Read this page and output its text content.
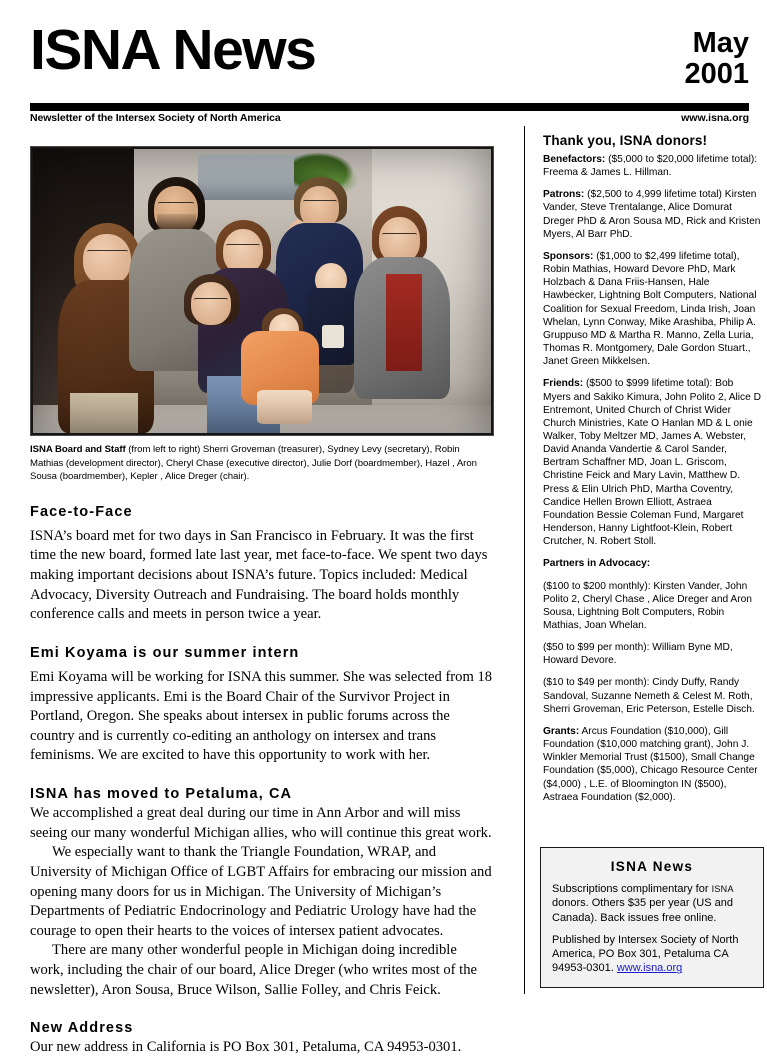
ISNA News	May
2001
Newsletter of the Intersex Society of North America	www.isna.org
ISNA Board and Staff (from left to right) Sherri Groveman (treasurer), Sydney Levy (secretary), Robin Mathias (development director), Cheryl Chase (executive director), Julie Dorf (boardmember), Hazel , Aron Sousa (boardmember), Kepler , Alice Dreger (chair).
Face-to-Face

ISNA’s board met for two days in San Francisco in February. It was the first time the new board, formed late last year, met face-to-face. We spent two days making important decisions about ISNA’s future. Topics included: Medical Advocacy, Diversity Outreach and Fundraising. The board holds monthly conference calls and meets in person twice a year.

Emi Koyama is our summer intern

Emi Koyama will be working for ISNA this summer. She was selected from 18 impressive applicants. Emi is the Board Chair of the Survivor Project in Portland, Oregon. She speaks about intersex in public forums across the country and is currently co-editing an anthology on intersex and trans feminisms. We are excited to have this opportunity to work with her.

ISNA has moved to Petaluma, CA

We accomplished a great deal during our time in Ann Arbor and will miss seeing our many wonderful Michigan allies, who will continue this great work.

We especially want to thank the Triangle Foundation, WRAP, and University of Michigan Office of LGBT Affairs for embracing our mission and opening many doors for us in Michigan. The University of Michigan’s Departments of Pediatric Endocrinology and Pediatric Urology have had the courage to open their hearts to the voices of intersex patient advocates.

There are many other wonderful people in Michigan doing incredible work, including the chair of our board, Alice Dreger (who writes most of the newsletter), Aron Sousa, Bruce Wilson, Sallie Folley, and Chris Feick.

New Address

Our new address in California is PO Box 301, Petaluma, CA 94953-0301.

Thank you, ISNA donors!

Benefactors: ($5,000 to $20,000 lifetime total): Freema & James L. Hillman.

Patrons: ($2,500 to 4,999 lifetime total) Kirsten Vander, Steve Trentalange, Alice Domurat Dreger PhD & Aron Sousa MD, Rick and Kristen Myers, Al Barr PhD.

Sponsors: ($1,000 to $2,499 lifetime total), Robin Mathias, Howard Devore PhD, Mark Holzbach & Dana Friis-Hansen, Hale Hawbecker, Lightning Bolt Computers, National Coalition for Sexual Freedom, Linda Irish, Joan Whelan, Lynn Conway, Mike Arashiba, Philip A. Gruppuso MD & Martha R. Manno, Zella Luria, Thomas R. Montgomery, Dale Gordon Stuart., Janet Green Mikkelsen.

Friends: ($500 to $999 lifetime total): Bob Myers and Sakiko Kimura, John Polito 2, Alice D Entremont, United Church of Christ Wider Church Ministries, Kate O Hanlan MD & L onie Walker, Toby Meltzer MD, James A. Webster, David Ananda Vandertie & Carol Sander, Bertram Schaffner MD, Joan L. Griscom, Christine Feick and Mary Lavin, Matthew D. Press & Elin Ulrich PhD, Martha Coventry, Candice Hellen Brown Elliott, Astraea Foundation Bessie Coleman Fund, Margaret Henderson, Hanny Lightfoot-Klein, Robert Crutcher, N. Robert Stoll.

Partners in Advocacy:

($100 to $200 monthly): Kirsten Vander, John Polito 2, Cheryl Chase , Alice Dreger and Aron Sousa, Lightning Bolt Computers, Robin Mathias, Joan Whelan.

($50 to $99 per month): William Byne MD, Howard Devore.

($10 to $49 per month): Cindy Duffy, Randy Sandoval, Suzanne Nemeth & Celest M. Roth, Sherri Groveman, Eric Peterson, Estelle Disch.

Grants: Arcus Foundation ($10,000), Gill Foundation ($10,000 matching grant), John J. Winkler Memorial Trust ($1500), Small Change Foundation ($5,000), Chicago Resource Center ($4,000) , L.E. of Bloomington IN ($500), Astraea Foundation ($2,000).

ISNA News

Subscriptions complimentary for ISNA donors. Others $35 per year (US and Canada). Back issues free online.

Published by Intersex Society of North America, PO Box 301, Petaluma CA 94953-0301. www.isna.org
